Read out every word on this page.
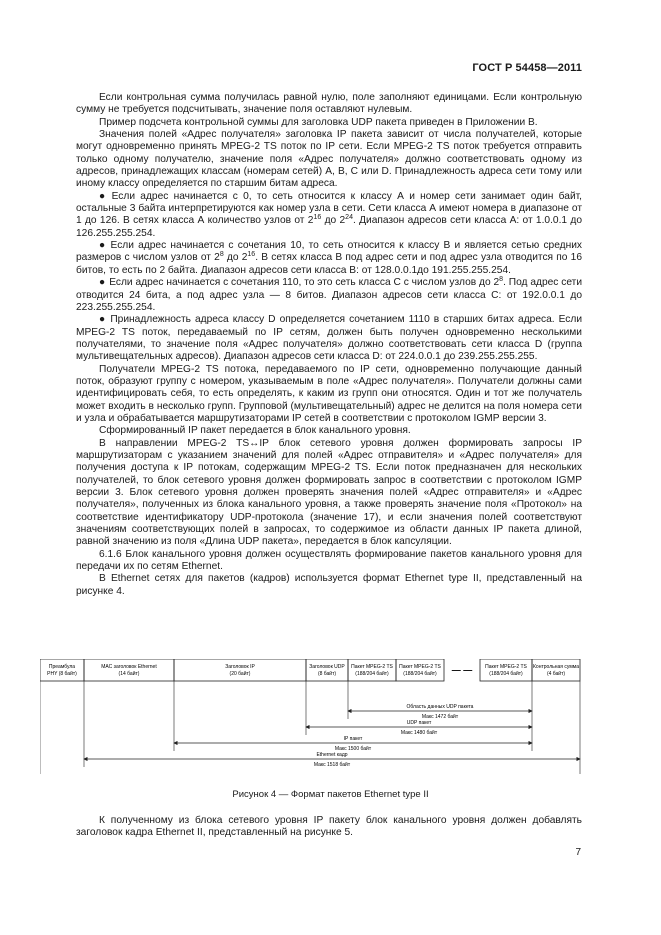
ГОСТ Р 54458—2011

Если контрольная сумма получилась равной нулю, поле заполняют единицами. Если контрольную сумму не требуется подсчитывать, значение поля оставляют нулевым.

Пример подсчета контрольной суммы для заголовка UDP пакета приведен в Приложении В.

Значения полей «Адрес получателя» заголовка IP пакета зависит от числа получателей, которые могут одновременно принять MPEG-2 TS поток по IP сети. Если MPEG-2 TS поток требуется отправить только одному получателю, значение поля «Адрес получателя» должно соответствовать одному из адресов, принадлежащих классам (номерам сетей) А, В, С или D. Принадлежность адреса сети тому или иному классу определяется по старшим битам адреса.

● Если адрес начинается с 0, то сеть относится к классу А и номер сети занимает один байт, остальные 3 байта интерпретируются как номер узла в сети. Сети класса А имеют номера в диапазоне от 1 до 126. В сетях класса А количество узлов от $2^{16}$ до $2^{24}$. Диапазон адресов сети класса А: от 1.0.0.1 до 126.255.255.254.

● Если адрес начинается с сочетания 10, то сеть относится к классу В и является сетью средних размеров с числом узлов от $2^8$ до $2^{16}$. В сетях класса В под адрес сети и под адрес узла отводится по 16 битов, то есть по 2 байта. Диапазон адресов сети класса В: от 128.0.0.1до 191.255.255.254.

● Если адрес начинается с сочетания 110, то это сеть класса С с числом узлов до $2^8$. Под адрес сети отводится 24 бита, а под адрес узла — 8 битов. Диапазон адресов сети класса С: от 192.0.0.1 до 223.255.255.254.

● Принадлежность адреса классу D определяется сочетанием 1110 в старших битах адреса. Если MPEG-2 TS поток, передаваемый по IP сетям, должен быть получен одновременно несколькими получателями, то значение поля «Адрес получателя» должно соответствовать сети класса D (группа мультивещательных адресов). Диапазон адресов сети класса D: от 224.0.0.1 до 239.255.255.255.

Получатели MPEG-2 TS потока, передаваемого по IP сети, одновременно получающие данный поток, образуют группу с номером, указываемым в поле «Адрес получателя». Получатели должны сами идентифицировать себя, то есть определять, к каким из групп они относятся. Один и тот же получатель может входить в несколько групп. Групповой (мультивещательный) адрес не делится на поля номера сети и узла и обрабатывается маршрутизаторами IP сетей в соответствии с протоколом IGMP версии 3.

Сформированный IP пакет передается в блок канального уровня.

В направлении MPEG-2 TS↔IP блок сетевого уровня должен формировать запросы IP маршрутизаторам с указанием значений для полей «Адрес отправителя» и «Адрес получателя» для получения доступа к IP потокам, содержащим MPEG-2 TS. Если поток предназначен для нескольких получателей, то блок сетевого уровня должен формировать запрос в соответствии с протоколом IGMP версии 3. Блок сетевого уровня должен проверять значения полей «Адрес отправителя» и «Адрес получателя», полученных из блока канального уровня, а также проверять значение поля «Протокол» на соответствие идентификатору UDP-протокола (значение 17), и если значения полей соответствуют значениям соответствующих полей в запросах, то содержимое из области данных IP пакета длиной, равной значению из поля «Длина UDP пакета», передается в блок капсуляции.

6.1.6 Блок канального уровня должен осуществлять формирование пакетов канального уровня для передачи их по сетям Ethernet.

В Ethernet сетях для пакетов (кадров) используется формат Ethernet type II, представленный на рисунке 4.

Преамбула
PHY (8 байт)
МАС заголовок Ethernet
(14 байт)
Заголовок IP
(20 байт)
Заголовок UDP
(8 байт)
Пакет MPEG-2 TS
(188/204 байт)
Пакет MPEG-2 TS
(188/204 байт) — —	Пакет MPEG-2 TS
(188/204 байт)
Контрольная сумма
(4 байт)
Область данных UDP пакета
Макс 1472 байт
UDP пакет
Макс 1480 байт
IP пакет
Макс 1500 байт
Ethernet кадр
Макс 1518 байт
Рисунок 4 — Формат пакетов Ethernet type II

К полученному из блока сетевого уровня IP пакету блок канального уровня должен добавлять заголовок кадра Ethernet II, представленный на рисунке 5.

7
